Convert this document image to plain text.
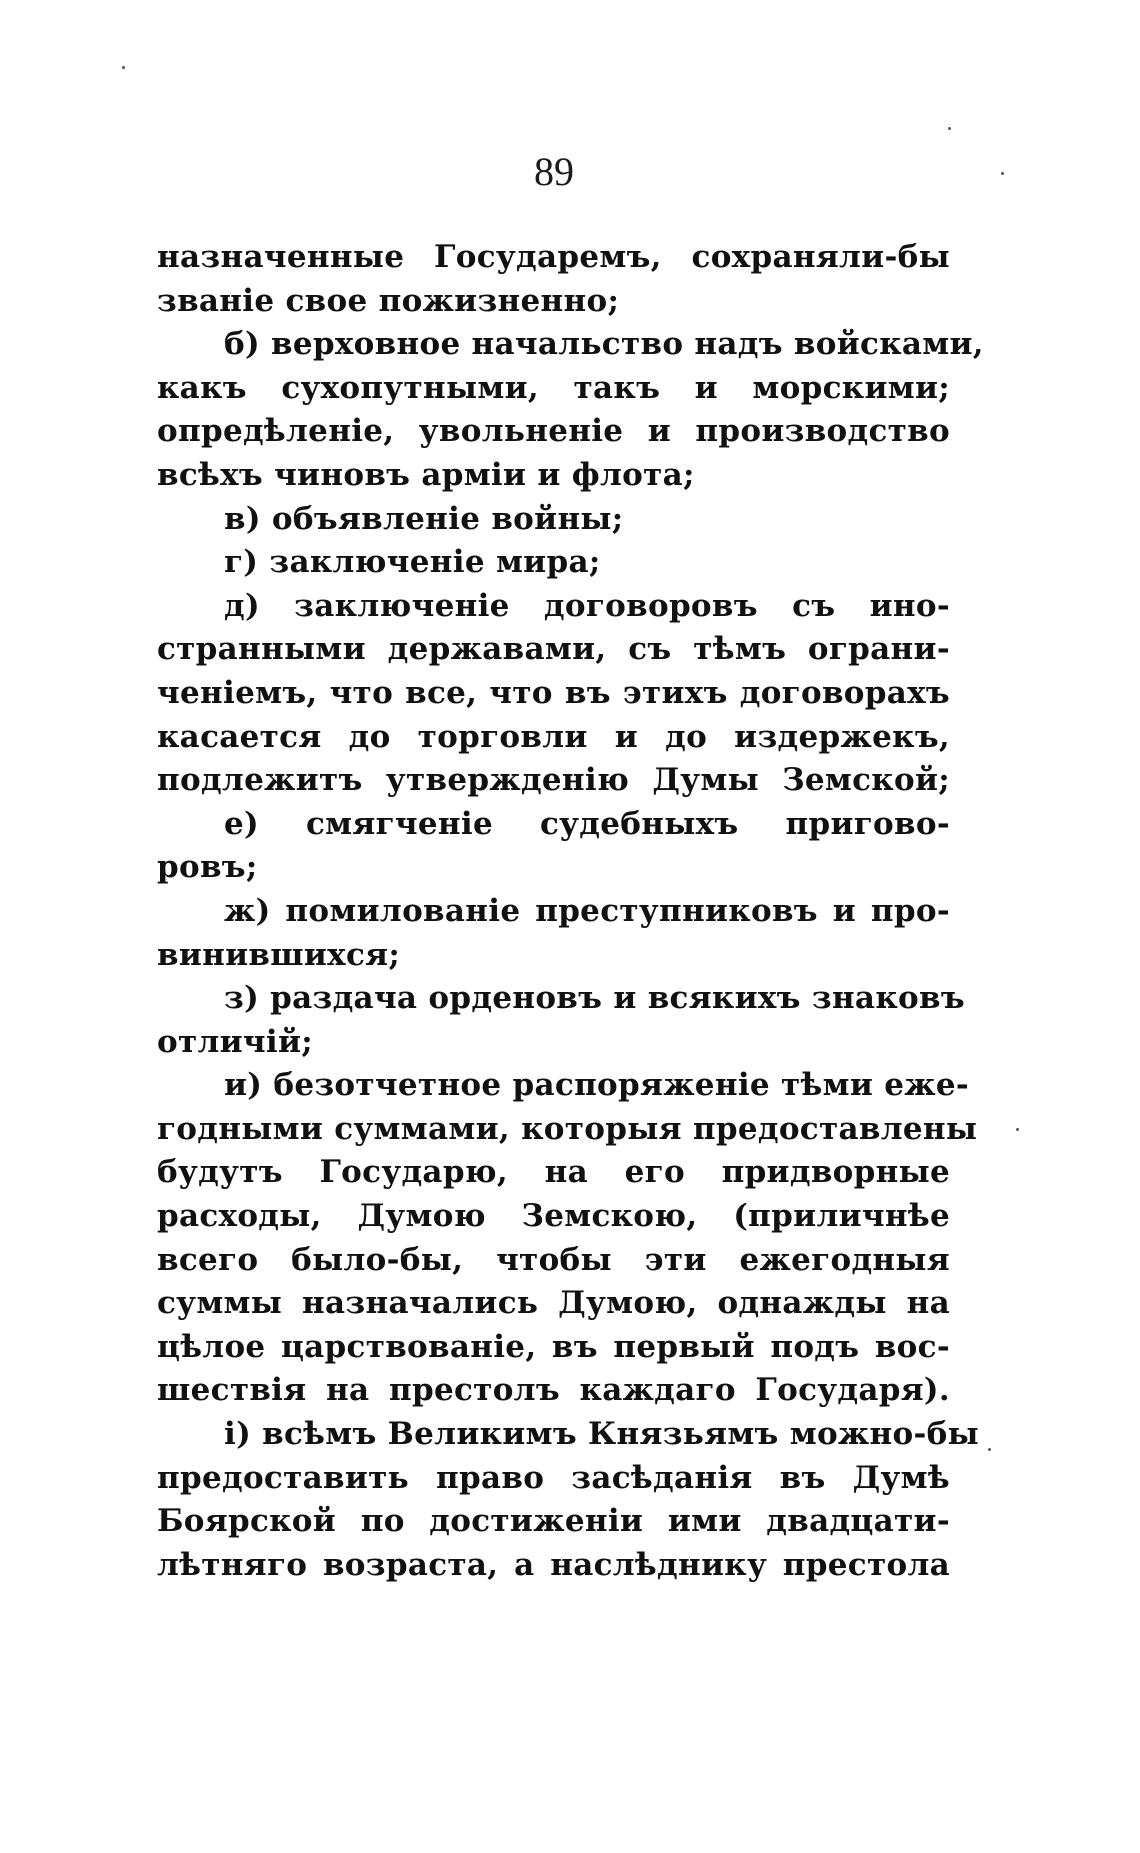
89
назначенные Государемъ, сохраняли-бы
званіе свое пожизненно;
б) верховное начальство надъ войсками,
какъ сухопутными, такъ и морскими;
опредѣленіе, увольненіе и производство
всѣхъ чиновъ арміи и флота;
в) объявленіе войны;
г) заключеніе мира;
д) заключеніе договоровъ съ ино-
странными державами, съ тѣмъ ограни-
ченіемъ, что все, что въ этихъ договорахъ
касается до торговли и до издержекъ,
подлежитъ утвержденію Думы Земской;
е) смягченіе судебныхъ пригово-
ровъ;
ж) помилованіе преступниковъ и про-
винившихся;
з) раздача орденовъ и всякихъ знаковъ
отличій;
и) безотчетное распоряженіе тѣми еже-
годными суммами, которыя предоставлены
будутъ Государю, на его придворные
расходы, Думою Земскою, (приличнѣе
всего было-бы, чтобы эти ежегодныя
суммы назначались Думою, однажды на
цѣлое царствованіе, въ первый подъ вос-
шествія на престолъ каждаго Государя).
і) всѣмъ Великимъ Князьямъ можно-бы
предоставить право засѣданія въ Думѣ
Боярской по достиженіи ими двадцати-
лѣтняго возраста, а наслѣднику престола
